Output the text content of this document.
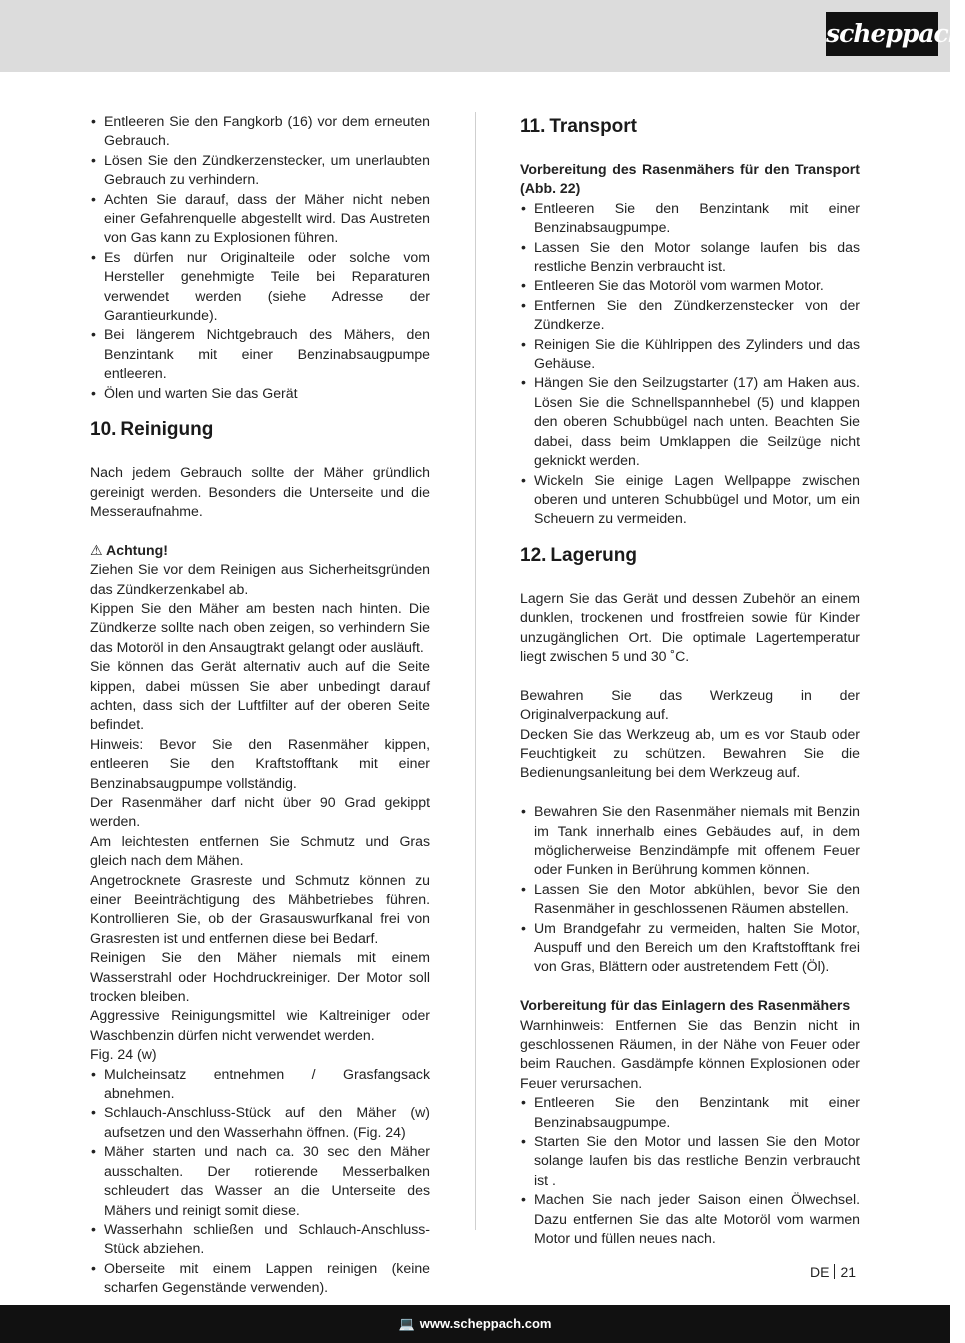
scheppach
• Entleeren Sie den Fangkorb (16) vor dem erneuten Gebrauch.
• Lösen Sie den Zündkerzenstecker, um unerlaubten Gebrauch zu verhindern.
• Achten Sie darauf, dass der Mäher nicht neben einer Gefahrenquelle abgestellt wird. Das Austreten von Gas kann zu Explosionen führen.
• Es dürfen nur Originalteile oder solche vom Hersteller genehmigte Teile bei Reparaturen verwendet werden (siehe Adresse der Garantieurkunde).
• Bei längerem Nichtgebrauch des Mähers, den Benzintank mit einer Benzinabsaugpumpe entleeren.
• Ölen und warten Sie das Gerät
10. Reinigung

Nach jedem Gebrauch sollte der Mäher gründlich gereinigt werden. Besonders die Unterseite und die Messeraufnahme.

⚠ Achtung!

Ziehen Sie vor dem Reinigen aus Sicherheitsgründen das Zündkerzenkabel ab.

Kippen Sie den Mäher am besten nach hinten. Die Zündkerze sollte nach oben zeigen, so verhindern Sie das Motoröl in den Ansaugtrakt gelangt oder ausläuft.

Sie können das Gerät alternativ auch auf die Seite kippen, dabei müssen Sie aber unbedingt darauf achten, dass sich der Luftfilter auf der oberen Seite befindet.

Hinweis: Bevor Sie den Rasenmäher kippen, entleeren Sie den Kraftstofftank mit einer Benzinabsaugpumpe vollständig.

Der Rasenmäher darf nicht über 90 Grad gekippt werden.

Am leichtesten entfernen Sie Schmutz und Gras gleich nach dem Mähen.

Angetrocknete Grasreste und Schmutz können zu einer Beeinträchtigung des Mähbetriebes führen. Kontrollieren Sie, ob der Grasauswurfkanal frei von Grasresten ist und entfernen diese bei Bedarf.

Reinigen Sie den Mäher niemals mit einem Wasserstrahl oder Hochdruckreiniger. Der Motor soll trocken bleiben.

Aggressive Reinigungsmittel wie Kaltreiniger oder Waschbenzin dürfen nicht verwendet werden.

Fig. 24 (w)

• Mulcheinsatz entnehmen / Grasfangsack abnehmen.
• Schlauch-Anschluss-Stück auf den Mäher (w) aufsetzen und den Wasserhahn öffnen. (Fig. 24)
• Mäher starten und nach ca. 30 sec den Mäher ausschalten. Der rotierende Messerbalken schleudert das Wasser an die Unterseite des Mähers und reinigt somit diese.
• Wasserhahn schließen und Schlauch-Anschluss-Stück abziehen.
• Oberseite mit einem Lappen reinigen (keine scharfen Gegenstände verwenden).
11. Transport

Vorbereitung des Rasenmähers für den Transport (Abb. 22)

• Entleeren Sie den Benzintank mit einer Benzinabsaugpumpe.
• Lassen Sie den Motor solange laufen bis das restliche Benzin verbraucht ist.
• Entleeren Sie das Motoröl vom warmen Motor.
• Entfernen Sie den Zündkerzenstecker von der Zündkerze.
• Reinigen Sie die Kühlrippen des Zylinders und das Gehäuse.
• Hängen Sie den Seilzugstarter (17) am Haken aus. Lösen Sie die Schnellspannhebel (5) und klappen den oberen Schubbügel nach unten. Beachten Sie dabei, dass beim Umklappen die Seilzüge nicht geknickt werden.
• Wickeln Sie einige Lagen Wellpappe zwischen oberen und unteren Schubbügel und Motor, um ein Scheuern zu vermeiden.
12. Lagerung

Lagern Sie das Gerät und dessen Zubehör an einem dunklen, trockenen und frostfreien sowie für Kinder unzugänglichen Ort. Die optimale Lagertemperatur liegt zwischen 5 und 30 ˚C.

Bewahren Sie das Werkzeug in der Originalverpackung auf.

Decken Sie das Werkzeug ab, um es vor Staub oder Feuchtigkeit zu schützen. Bewahren Sie die Bedienungsanleitung bei dem Werkzeug auf.

• Bewahren Sie den Rasenmäher niemals mit Benzin im Tank innerhalb eines Gebäudes auf, in dem möglicherweise Benzindämpfe mit offenem Feuer oder Funken in Berührung kommen können.
• Lassen Sie den Motor abkühlen, bevor Sie den Rasenmäher in geschlossenen Räumen abstellen.
• Um Brandgefahr zu vermeiden, halten Sie Motor, Auspuff und den Bereich um den Kraftstofftank frei von Gras, Blättern oder austretendem Fett (Öl).

Vorbereitung für das Einlagern des Rasenmähers

Warnhinweis: Entfernen Sie das Benzin nicht in geschlossenen Räumen, in der Nähe von Feuer oder beim Rauchen. Gasdämpfe können Explosionen oder Feuer verursachen.

• Entleeren Sie den Benzintank mit einer Benzinabsaugpumpe.
• Starten Sie den Motor und lassen Sie den Motor solange laufen bis das restliche Benzin verbraucht ist .
• Machen Sie nach jeder Saison einen Ölwechsel. Dazu entfernen Sie das alte Motoröl vom warmen Motor und füllen neues nach.
DE 21
💻 www.scheppach.com
